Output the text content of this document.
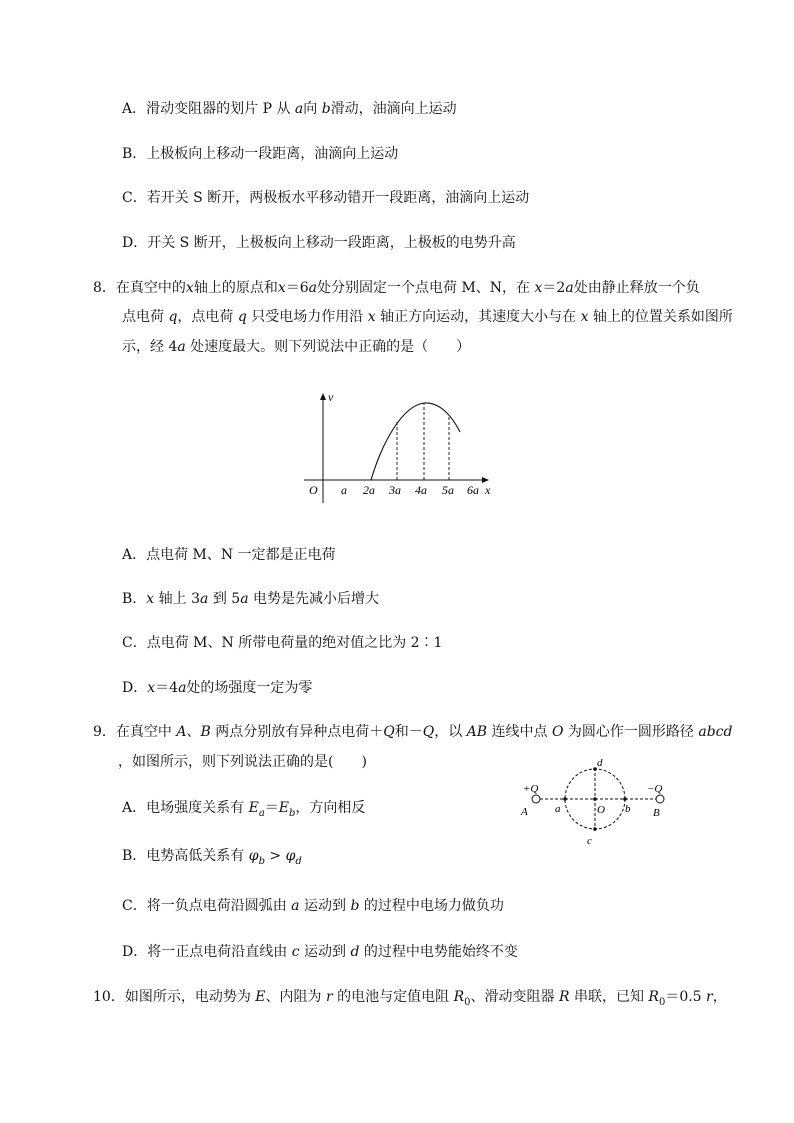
A．滑动变阻器的划片 P 从 a向 b滑动，油滴向上运动
B．上极板向上移动一段距离，油滴向上运动
C．若开关 S 断开，两极板水平移动错开一段距离，油滴向上运动
D．开关 S 断开，上极板向上移动一段距离，上极板的电势升高
8．在真空中的x轴上的原点和x＝6a处分别固定一个点电荷 M、N，在 x＝2a处由静止释放一个负
点电荷 q，点电荷 q 只受电场力作用沿 x 轴正方向运动，其速度大小与在 x 轴上的位置关系如图所
示，经 4a 处速度最大。则下列说法中正确的是（　　）
v
x
O a 2a 3a 4a 5a 6a
A．点电荷 M、N 一定都是正电荷
B．x 轴上 3a 到 5a 电势是先减小后增大
C．点电荷 M、N 所带电荷量的绝对值之比为 2∶1
D．x＝4a处的场强度一定为零
9．在真空中 A、B 两点分别放有异种点电荷＋Q和－Q，以 AB 连线中点 O 为圆心作一圆形路径 abcd
，如图所示，则下列说法正确的是(　　)
A．电场强度关系有 $E_a=E_b$，方向相反
B．电势高低关系有 $\varphi_b > \varphi_d$
C．将一负点电荷沿圆弧由 a 运动到 b 的过程中电场力做负功
D．将一正点电荷沿直线由 c 运动到 d 的过程中电势能始终不变
+Q	−Q
A	B
a	b
O
c
d
10．如图所示，电动势为 E、内阻为 r 的电池与定值电阻 $R_0$、滑动变阻器 R 串联，已知 $R_0=0.5$ r，
